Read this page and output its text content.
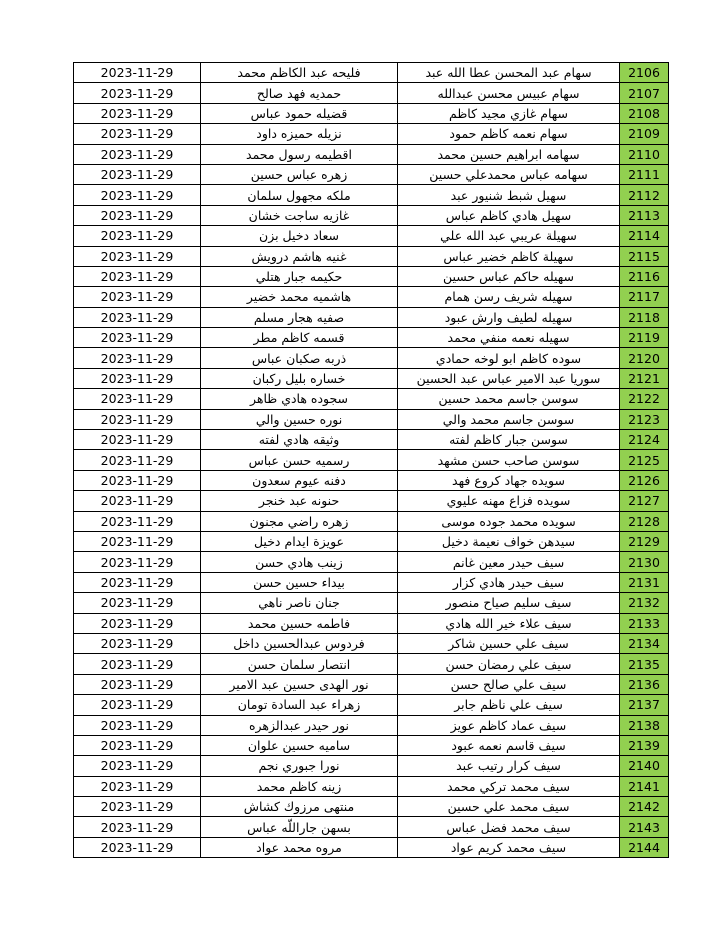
2023-11-29	فليحه عبد الكاظم محمد	سهام عبد المحسن عطا الله عبد	2106
2023-11-29	حمديه فهد صالح	سهام عبيس محسن عبدالله	2107
2023-11-29	قضيله حمود عباس	سهام غازي مجيد كاظم	2108
2023-11-29	نزيله حميزه داود	سهام نعمه كاظم حمود	2109
2023-11-29	اقطيمه رسول محمد	سهامه ابراهيم حسين محمد	2110
2023-11-29	زهره عباس حسين	سهامه عباس محمدعلي حسين	2111
2023-11-29	ملكه مجهول سلمان	سهيل شبط شنيور عبد	2112
2023-11-29	غازيه ساجت خشان	سهيل هادي كاظم عباس	2113
2023-11-29	سعاد دخيل بزن	سهيلة عريبي عبد الله علي	2114
2023-11-29	غنيه هاشم درويش	سهيلة كاظم خضير عباس	2115
2023-11-29	حكيمه جبار هتلي	سهيله حاكم عباس حسين	2116
2023-11-29	هاشميه محمد خضير	سهيله شريف رسن همام	2117
2023-11-29	صفيه هجار مسلم	سهيله لطيف وارش عبود	2118
2023-11-29	قسمه كاظم مطر	سهيله نعمه منفي محمد	2119
2023-11-29	ذربه صكبان عباس	سوده كاظم ابو لوخه حمادي	2120
2023-11-29	خساره بليل ركبان	سوريا عبد الامير عباس عبد الحسين	2121
2023-11-29	سجوده هادي ظاهر	سوسن جاسم محمد حسين	2122
2023-11-29	نوره حسين والي	سوسن جاسم محمد والي	2123
2023-11-29	وثيقه هادي لفته	سوسن جبار كاظم لفته	2124
2023-11-29	رسميه حسن عباس	سوسن صاحب حسن مشهد	2125
2023-11-29	دفنه عيوم سعدون	سويده جهاد كروع فهد	2126
2023-11-29	حنونه عبد خنجر	سويده فزاع مهنه عليوي	2127
2023-11-29	زهره راضي مجنون	سويده محمد جوده موسى	2128
2023-11-29	عويزة ايدام دخيل	سيدهن خواف نعيمة دخيل	2129
2023-11-29	زينب هادي حسن	سيف حيدر معين غانم	2130
2023-11-29	بيداء حسين حسن	سيف حيدر هادي كزار	2131
2023-11-29	جنان ناصر ناهي	سيف سليم صياح منصور	2132
2023-11-29	فاطمه حسين محمد	سيف علاء خير الله هادي	2133
2023-11-29	فردوس عبدالحسين داخل	سيف علي حسين شاكر	2134
2023-11-29	انتصار سلمان حسن	سيف علي رمضان حسن	2135
2023-11-29	نور الهدى حسين عبد الامير	سيف علي صالح حسن	2136
2023-11-29	زهراء عبد السادة تومان	سيف علي ناظم جابر	2137
2023-11-29	نور حيدر عبدالزهره	سيف عماد كاظم عويز	2138
2023-11-29	ساميه حسين علوان	سيف قاسم نعمه عبود	2139
2023-11-29	نورا جبوري نجم	سيف كرار رتيب عبد	2140
2023-11-29	زينه كاظم محمد	سيف محمد تركي محمد	2141
2023-11-29	منتهى مرزوك كشاش	سيف محمد علي حسين	2142
2023-11-29	بسهن جاراللّه عباس	سيف محمد فضل عباس	2143
2023-11-29	مروه محمد عواد	سيف محمد كريم عواد	2144
